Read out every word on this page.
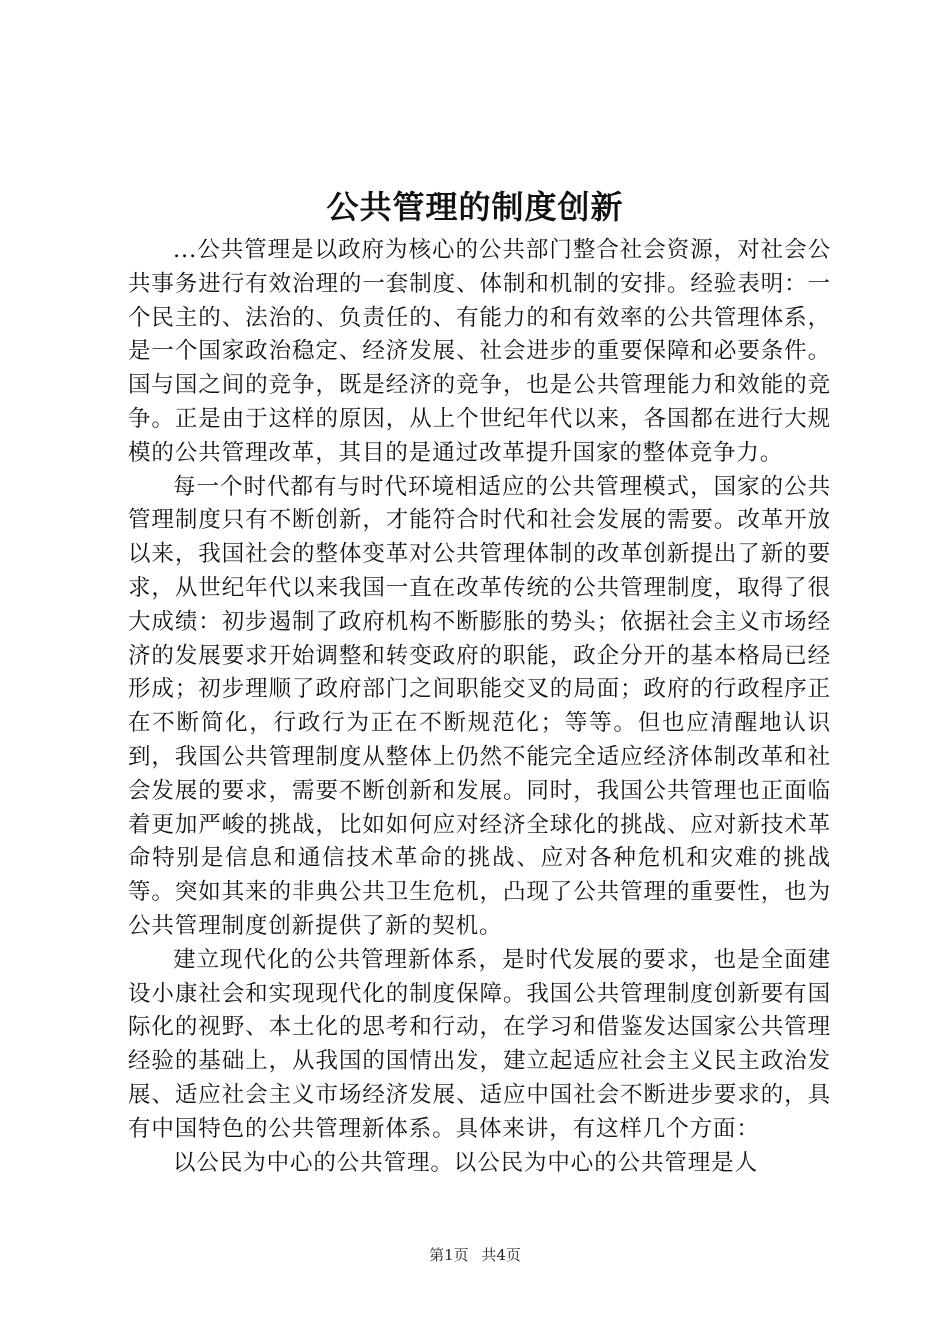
公共管理的制度创新

...公共管理是以政府为核心的公共部门整合社会资源，对社会公共事务进行有效治理的一套制度、体制和机制的安排。经验表明：一个民主的、法治的、负责任的、有能力的和有效率的公共管理体系，是一个国家政治稳定、经济发展、社会进步的重要保障和必要条件。国与国之间的竞争，既是经济的竞争，也是公共管理能力和效能的竞争。正是由于这样的原因，从上个世纪年代以来，各国都在进行大规模的公共管理改革，其目的是通过改革提升国家的整体竞争力。

每一个时代都有与时代环境相适应的公共管理模式，国家的公共管理制度只有不断创新，才能符合时代和社会发展的需要。改革开放以来，我国社会的整体变革对公共管理体制的改革创新提出了新的要求，从世纪年代以来我国一直在改革传统的公共管理制度，取得了很大成绩：初步遏制了政府机构不断膨胀的势头；依据社会主义市场经济的发展要求开始调整和转变政府的职能，政企分开的基本格局已经形成；初步理顺了政府部门之间职能交叉的局面；政府的行政程序正在不断简化，行政行为正在不断规范化；等等。但也应清醒地认识到，我国公共管理制度从整体上仍然不能完全适应经济体制改革和社会发展的要求，需要不断创新和发展。同时，我国公共管理也正面临着更加严峻的挑战，比如如何应对经济全球化的挑战、应对新技术革命特别是信息和通信技术革命的挑战、应对各种危机和灾难的挑战等。突如其来的非典公共卫生危机，凸现了公共管理的重要性，也为公共管理制度创新提供了新的契机。

建立现代化的公共管理新体系，是时代发展的要求，也是全面建设小康社会和实现现代化的制度保障。我国公共管理制度创新要有国际化的视野、本土化的思考和行动，在学习和借鉴发达国家公共管理经验的基础上，从我国的国情出发，建立起适应社会主义民主政治发展、适应社会主义市场经济发展、适应中国社会不断进步要求的，具有中国特色的公共管理新体系。具体来讲，有这样几个方面：

以公民为中心的公共管理。以公民为中心的公共管理是人

第1页 共4页
